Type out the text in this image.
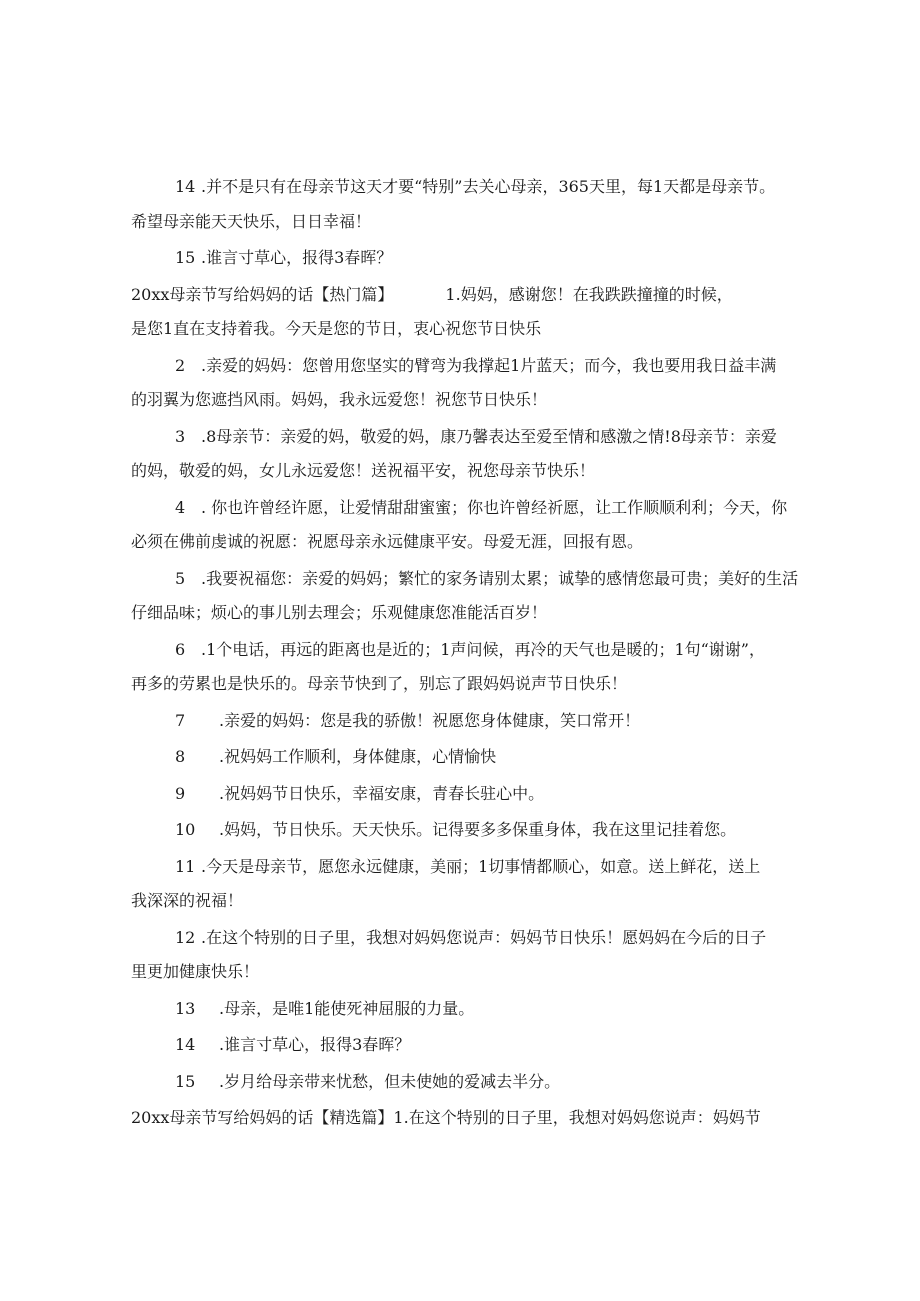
14 .并不是只有在母亲节这天才要“特别”去关心母亲，365天里，每1天都是母亲节。
希望母亲能天天快乐，日日幸福！

15 .谁言寸草心，报得3春晖？

20xx母亲节写给妈妈的话【热门篇】	1.妈妈，感谢您！在我跌跌撞撞的时候，
是您1直在支持着我。今天是您的节日，衷心祝您节日快乐

2 .亲爱的妈妈：您曾用您坚实的臂弯为我撑起1片蓝天；而今，我也要用我日益丰满
的羽翼为您遮挡风雨。妈妈，我永远爱您！祝您节日快乐！

3 .8母亲节：亲爱的妈，敬爱的妈，康乃馨表达至爱至情和感激之情!8母亲节：亲爱
的妈，敬爱的妈，女儿永远爱您！送祝福平安，祝您母亲节快乐！

4 . 你也许曾经许愿，让爱情甜甜蜜蜜；你也许曾经祈愿，让工作顺顺利利；今天，你
必须在佛前虔诚的祝愿：祝愿母亲永远健康平安。母爱无涯，回报有恩。

5 .我要祝福您：亲爱的妈妈；繁忙的家务请别太累；诚挚的感情您最可贵；美好的生活
仔细品味；烦心的事儿别去理会；乐观健康您准能活百岁！

6 .1个电话，再远的距离也是近的；1声问候，再冷的天气也是暖的；1句“谢谢”，
再多的劳累也是快乐的。母亲节快到了，别忘了跟妈妈说声节日快乐！

7 .亲爱的妈妈：您是我的骄傲！祝愿您身体健康，笑口常开！

8 .祝妈妈工作顺利，身体健康，心情愉快

9 .祝妈妈节日快乐，幸福安康，青春长驻心中。

10 .妈妈，节日快乐。天天快乐。记得要多多保重身体，我在这里记挂着您。

11 .今天是母亲节，愿您永远健康，美丽；1切事情都顺心，如意。送上鲜花，送上
我深深的祝福！

12 .在这个特别的日子里，我想对妈妈您说声：妈妈节日快乐！愿妈妈在今后的日子
里更加健康快乐！

13 .母亲，是唯1能使死神屈服的力量。

14 .谁言寸草心，报得3春晖？

15 .岁月给母亲带来忧愁，但未使她的爱减去半分。

20xx母亲节写给妈妈的话【精选篇】1.在这个特别的日子里，我想对妈妈您说声：妈妈节
